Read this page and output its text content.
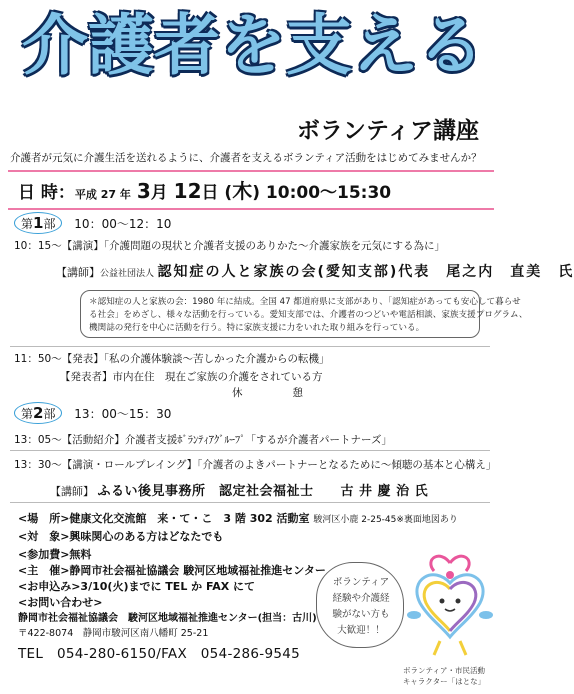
介護者を支える
ボランティア講座
介護者が元気に介護生活を送れるように、介護者を支えるボランティア活動をはじめてみませんか？
日 時：平成 27 年 3月 12日 (木) 10:00～15:30
第1部 10：00～12：10
10：15～【講演】「介護問題の現状と介護者支援のありかた～介護家族を元気にする為に」
【講師】公益社団法人 認知症の人と家族の会(愛知支部)代表　尾之内　直美　氏
＊認知症の人と家族の会：1980 年に結成。全国 47 都道府県に支部があり、「認知症があっても安心して暮らせ
る社会」をめざし、様々な活動を行っている。愛知支部では、介護者のつどいや電話相談、家族支援プログラム、
機関誌の発行を中心に活動を行う。特に家族支援に力をいれた取り組みを行っている。
11：50～【発表】「私の介護体験談～苦しかった介護からの転機」
【発表者】市内在住　現在ご家族の介護をされている方
休	憩
第2部 13：00～15：30
13：05～【活動紹介】介護者支援ﾎﾞﾗﾝﾃｨｱｸﾞﾙｰﾌﾟ「するが介護者パートナーズ」
13：30～【講演・ロールプレイング】「介護者のよきパートナーとなるために～傾聴の基本と心構え」
【講師】 ふるい後見事務所　認定社会福祉士　　古 井 慶 治 氏
<場　所>健康文化交流館　来・て・こ　3 階 302 活動室 駿河区小鹿 2-25-45※裏面地図あり
<対　象>興味関心のある方はどなたでも
<参加費>無料
<主　催>静岡市社会福祉協議会 駿河区地域福祉推進センター
<お申込み>3/10(火)までに TEL か FAX にて
<お問い合わせ>
静岡市社会福祉協議会　駿河区地域福祉推進センター(担当：古川)
〒422-8074　静岡市駿河区南八幡町 25-21
TEL　054-280-6150/FAX　054-286-9545
ボランティア
経験や介護経
験がない方も
大歓迎！！
ボランティア・市民活動
キャラクター「はとな」
